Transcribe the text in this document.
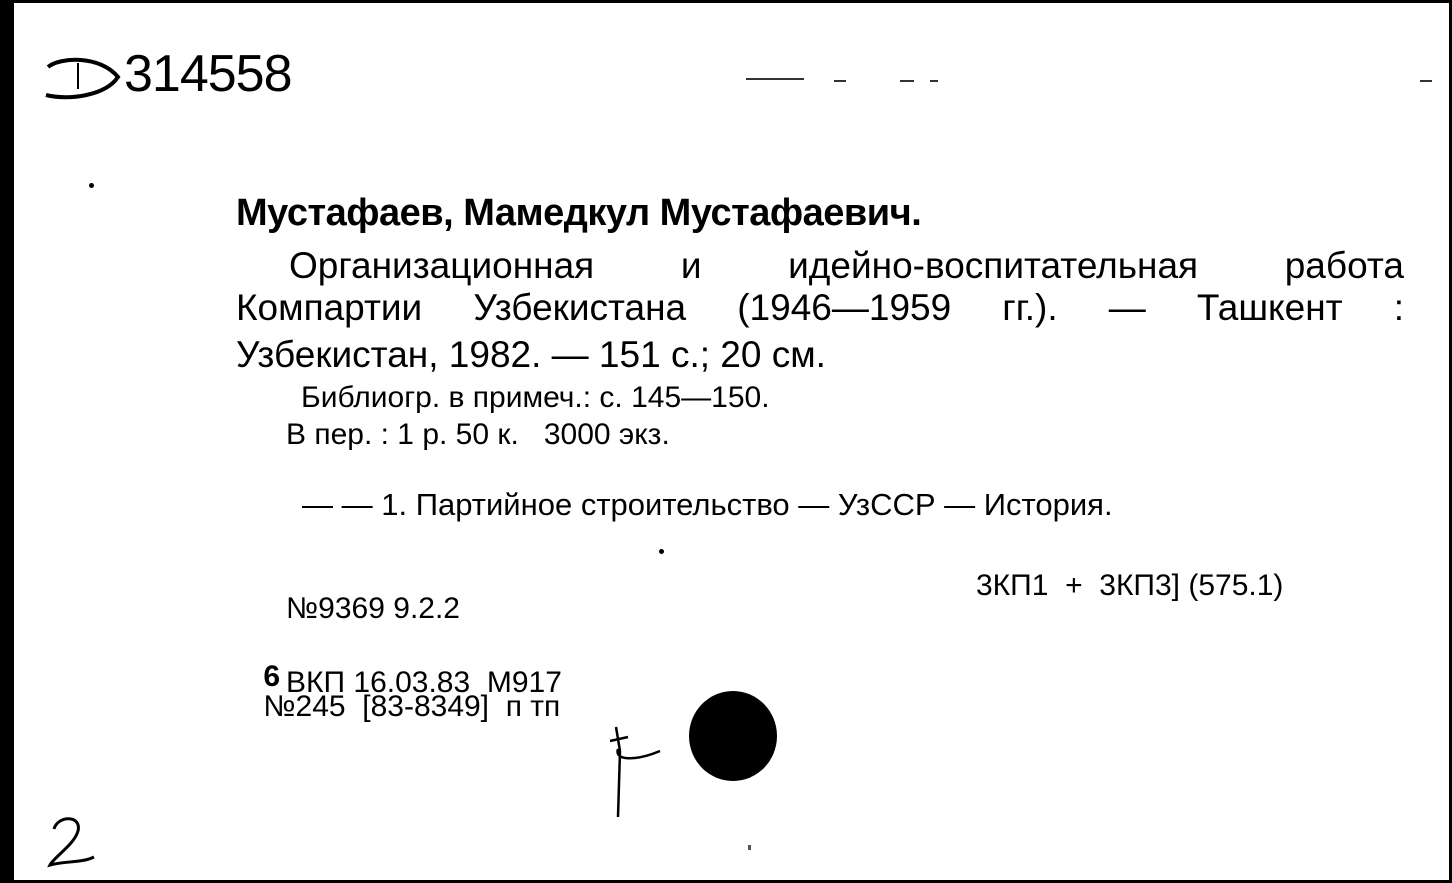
314558
Мустафаев, Мамедкул Мустафаевич.
Организационная и идейно-воспитательная работа
Компартии Узбекистана (1946—1959 гг.). — Ташкент :
Узбекистан, 1982. — 151 с.; 20 см.
Библиогр. в примеч.: с. 145—150.
В пер. : 1 р. 50 к.   3000 экз.
— — 1. Партийное строительство — УзССР — История.
3КП1  +  3КП3] (575.1)
№9369 9.2.2

6
№245  [83-8349]  п тп

ВКП 16.03.83  М917
